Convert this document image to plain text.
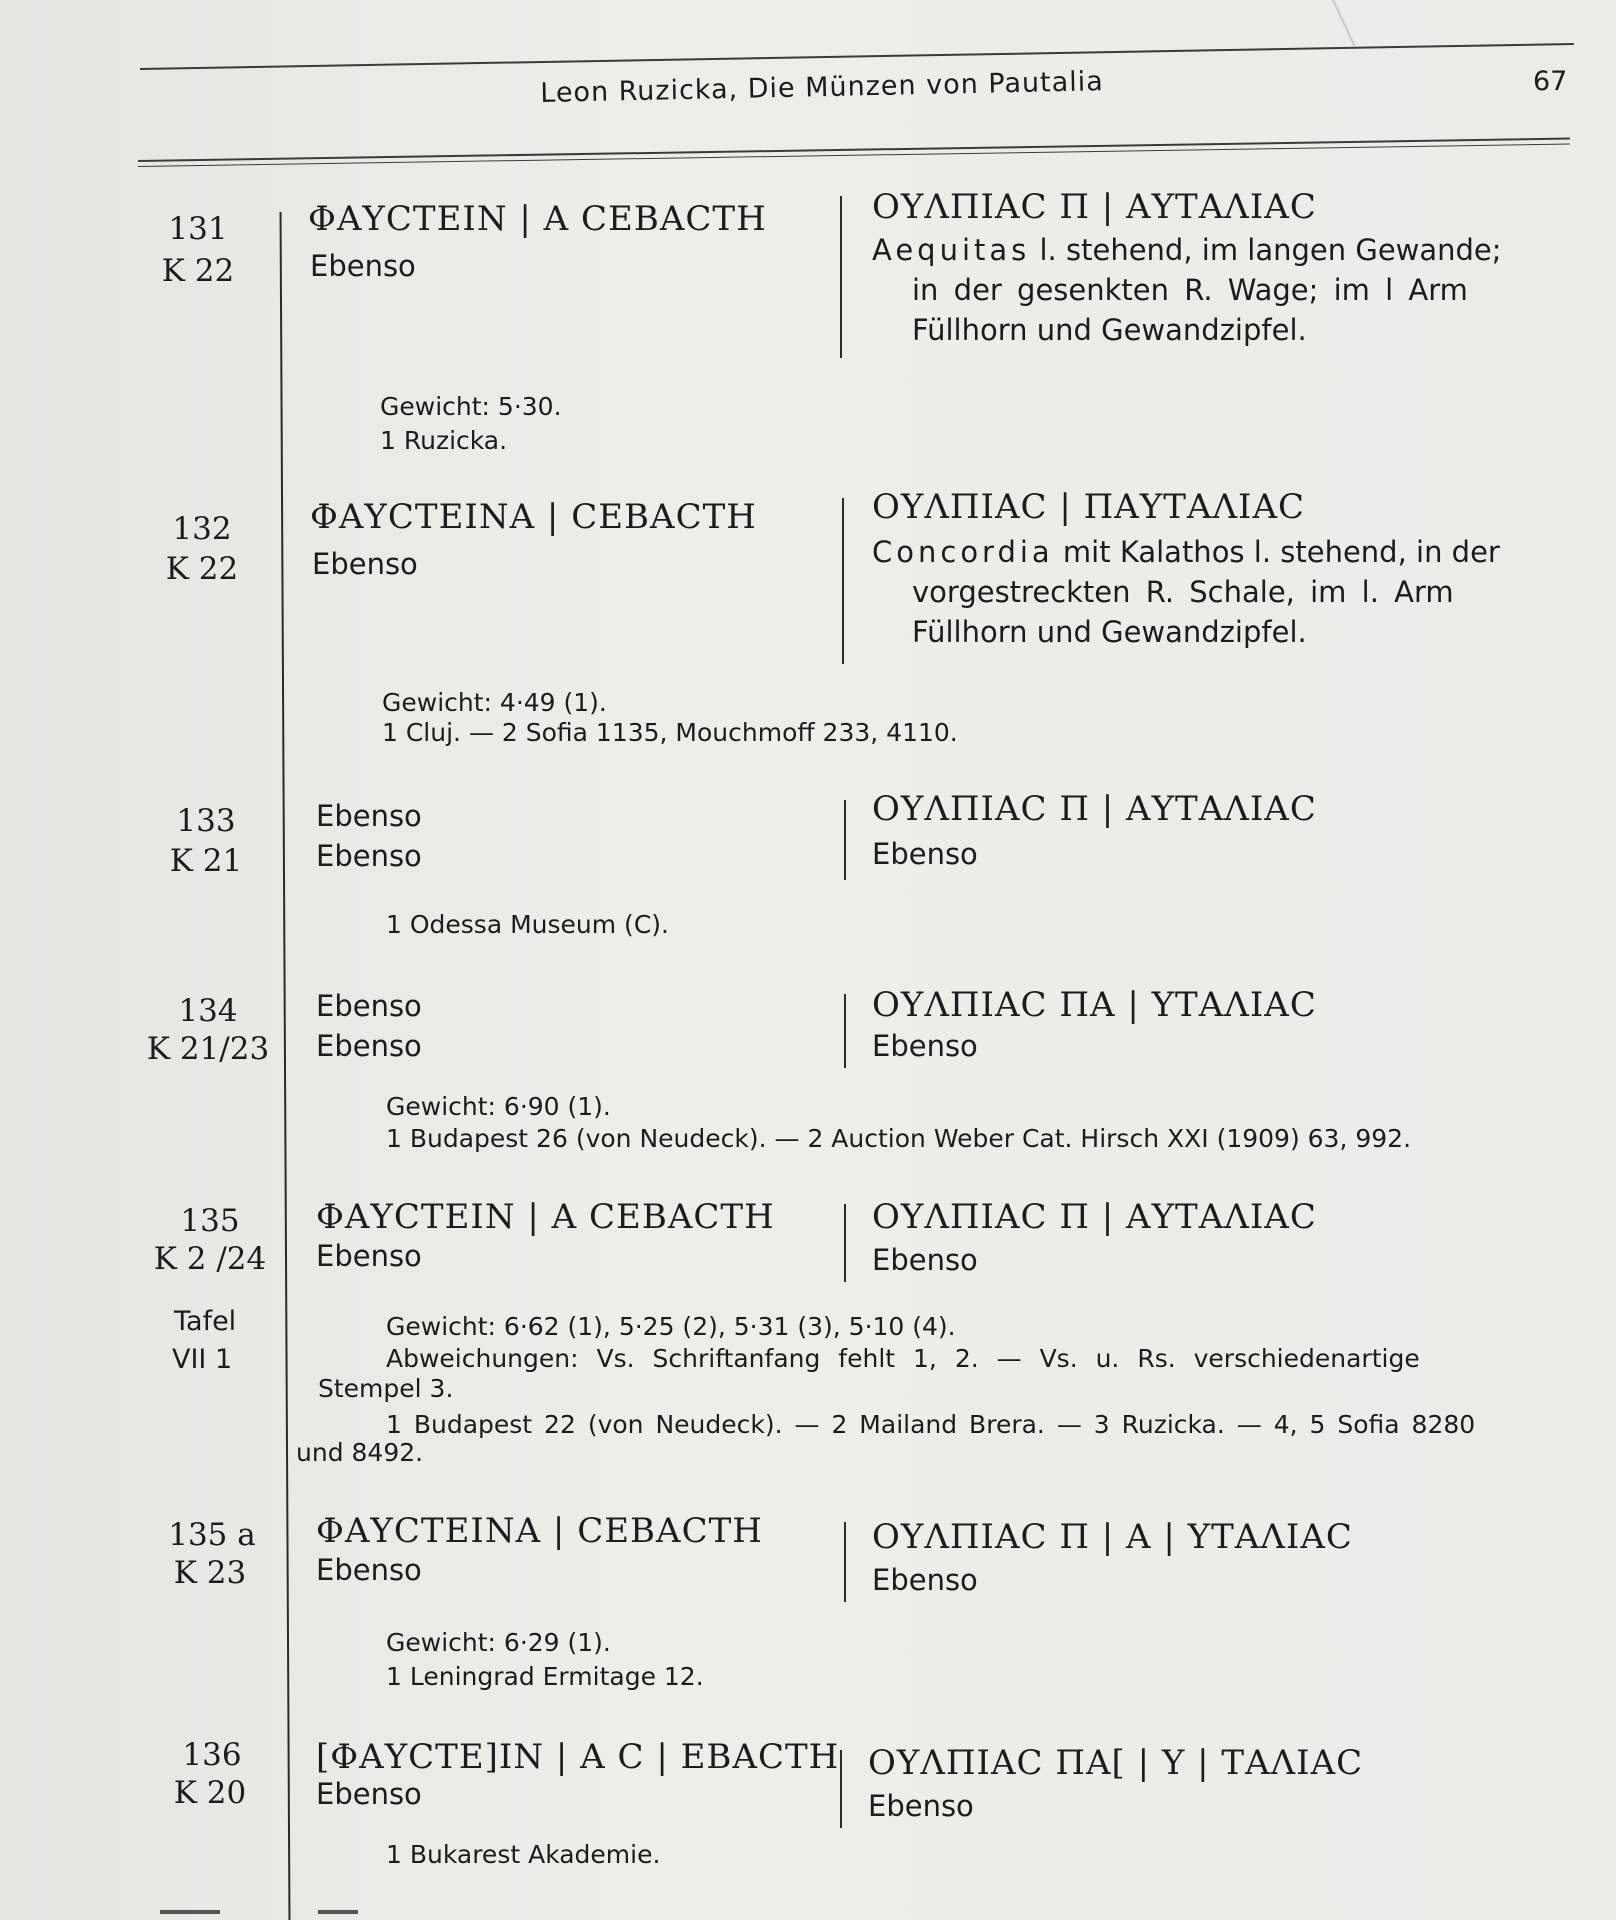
Leon Ruzicka, Die Münzen von Pautalia	67
131
K 22
ΦΑΥCTEIN | Α CEBACTH
Ebenso
ΟΥΛΠΙΑC Π | ΑΥΤΑΛΙΑC
Aequitas l. stehend, im langen Gewande;
in der gesenkten R. Wage; im l Arm
Füllhorn und Gewandzipfel.
Gewicht: 5·30.
1 Ruzicka.
132
K 22
ΦΑΥCTEINA | CEBACTH
Ebenso
ΟΥΛΠΙΑC | ΠΑΥΤΑΛΙΑC
Concordia mit Kalathos l. stehend, in der
vorgestreckten R. Schale, im l. Arm
Füllhorn und Gewandzipfel.
Gewicht: 4·49 (1).
1 Cluj. — 2 Sofia 1135, Mouchmoff 233, 4110.
133
K 21
Ebenso
Ebenso
ΟΥΛΠΙΑC Π | ΑΥΤΑΛΙΑC
Ebenso
1 Odessa Museum (C).
134
K 21/23
Ebenso
Ebenso
ΟΥΛΠΙΑC ΠΑ | ΥΤΑΛΙΑC
Ebenso
Gewicht: 6·90 (1).
1 Budapest 26 (von Neudeck). — 2 Auction Weber Cat. Hirsch XXI (1909) 63, 992.
135
K 2 /24
Tafel
VII 1
ΦΑΥCTEIN | Α CEBACTH
Ebenso
ΟΥΛΠΙΑC Π | ΑΥΤΑΛΙΑC
Ebenso
Gewicht: 6·62 (1), 5·25 (2), 5·31 (3), 5·10 (4).
Abweichungen: Vs. Schriftanfang fehlt 1, 2. — Vs. u. Rs. verschiedenartige
Stempel 3.
1 Budapest 22 (von Neudeck). — 2 Mailand Brera. — 3 Ruzicka. — 4, 5 Sofia 8280
und 8492.
135 a
K 23
ΦΑΥCTEINA | CEBACTH
Ebenso
ΟΥΛΠΙΑC Π | Α | ΥΤΑΛΙΑC
Ebenso
Gewicht: 6·29 (1).
1 Leningrad Ermitage 12.
136
K 20
[ΦΑΥCTE]IN | Α C | EBACTH
Ebenso
ΟΥΛΠΙΑC ΠΑ[ | Υ | ΤΑΛΙΑC
Ebenso
1 Bukarest Akademie.
